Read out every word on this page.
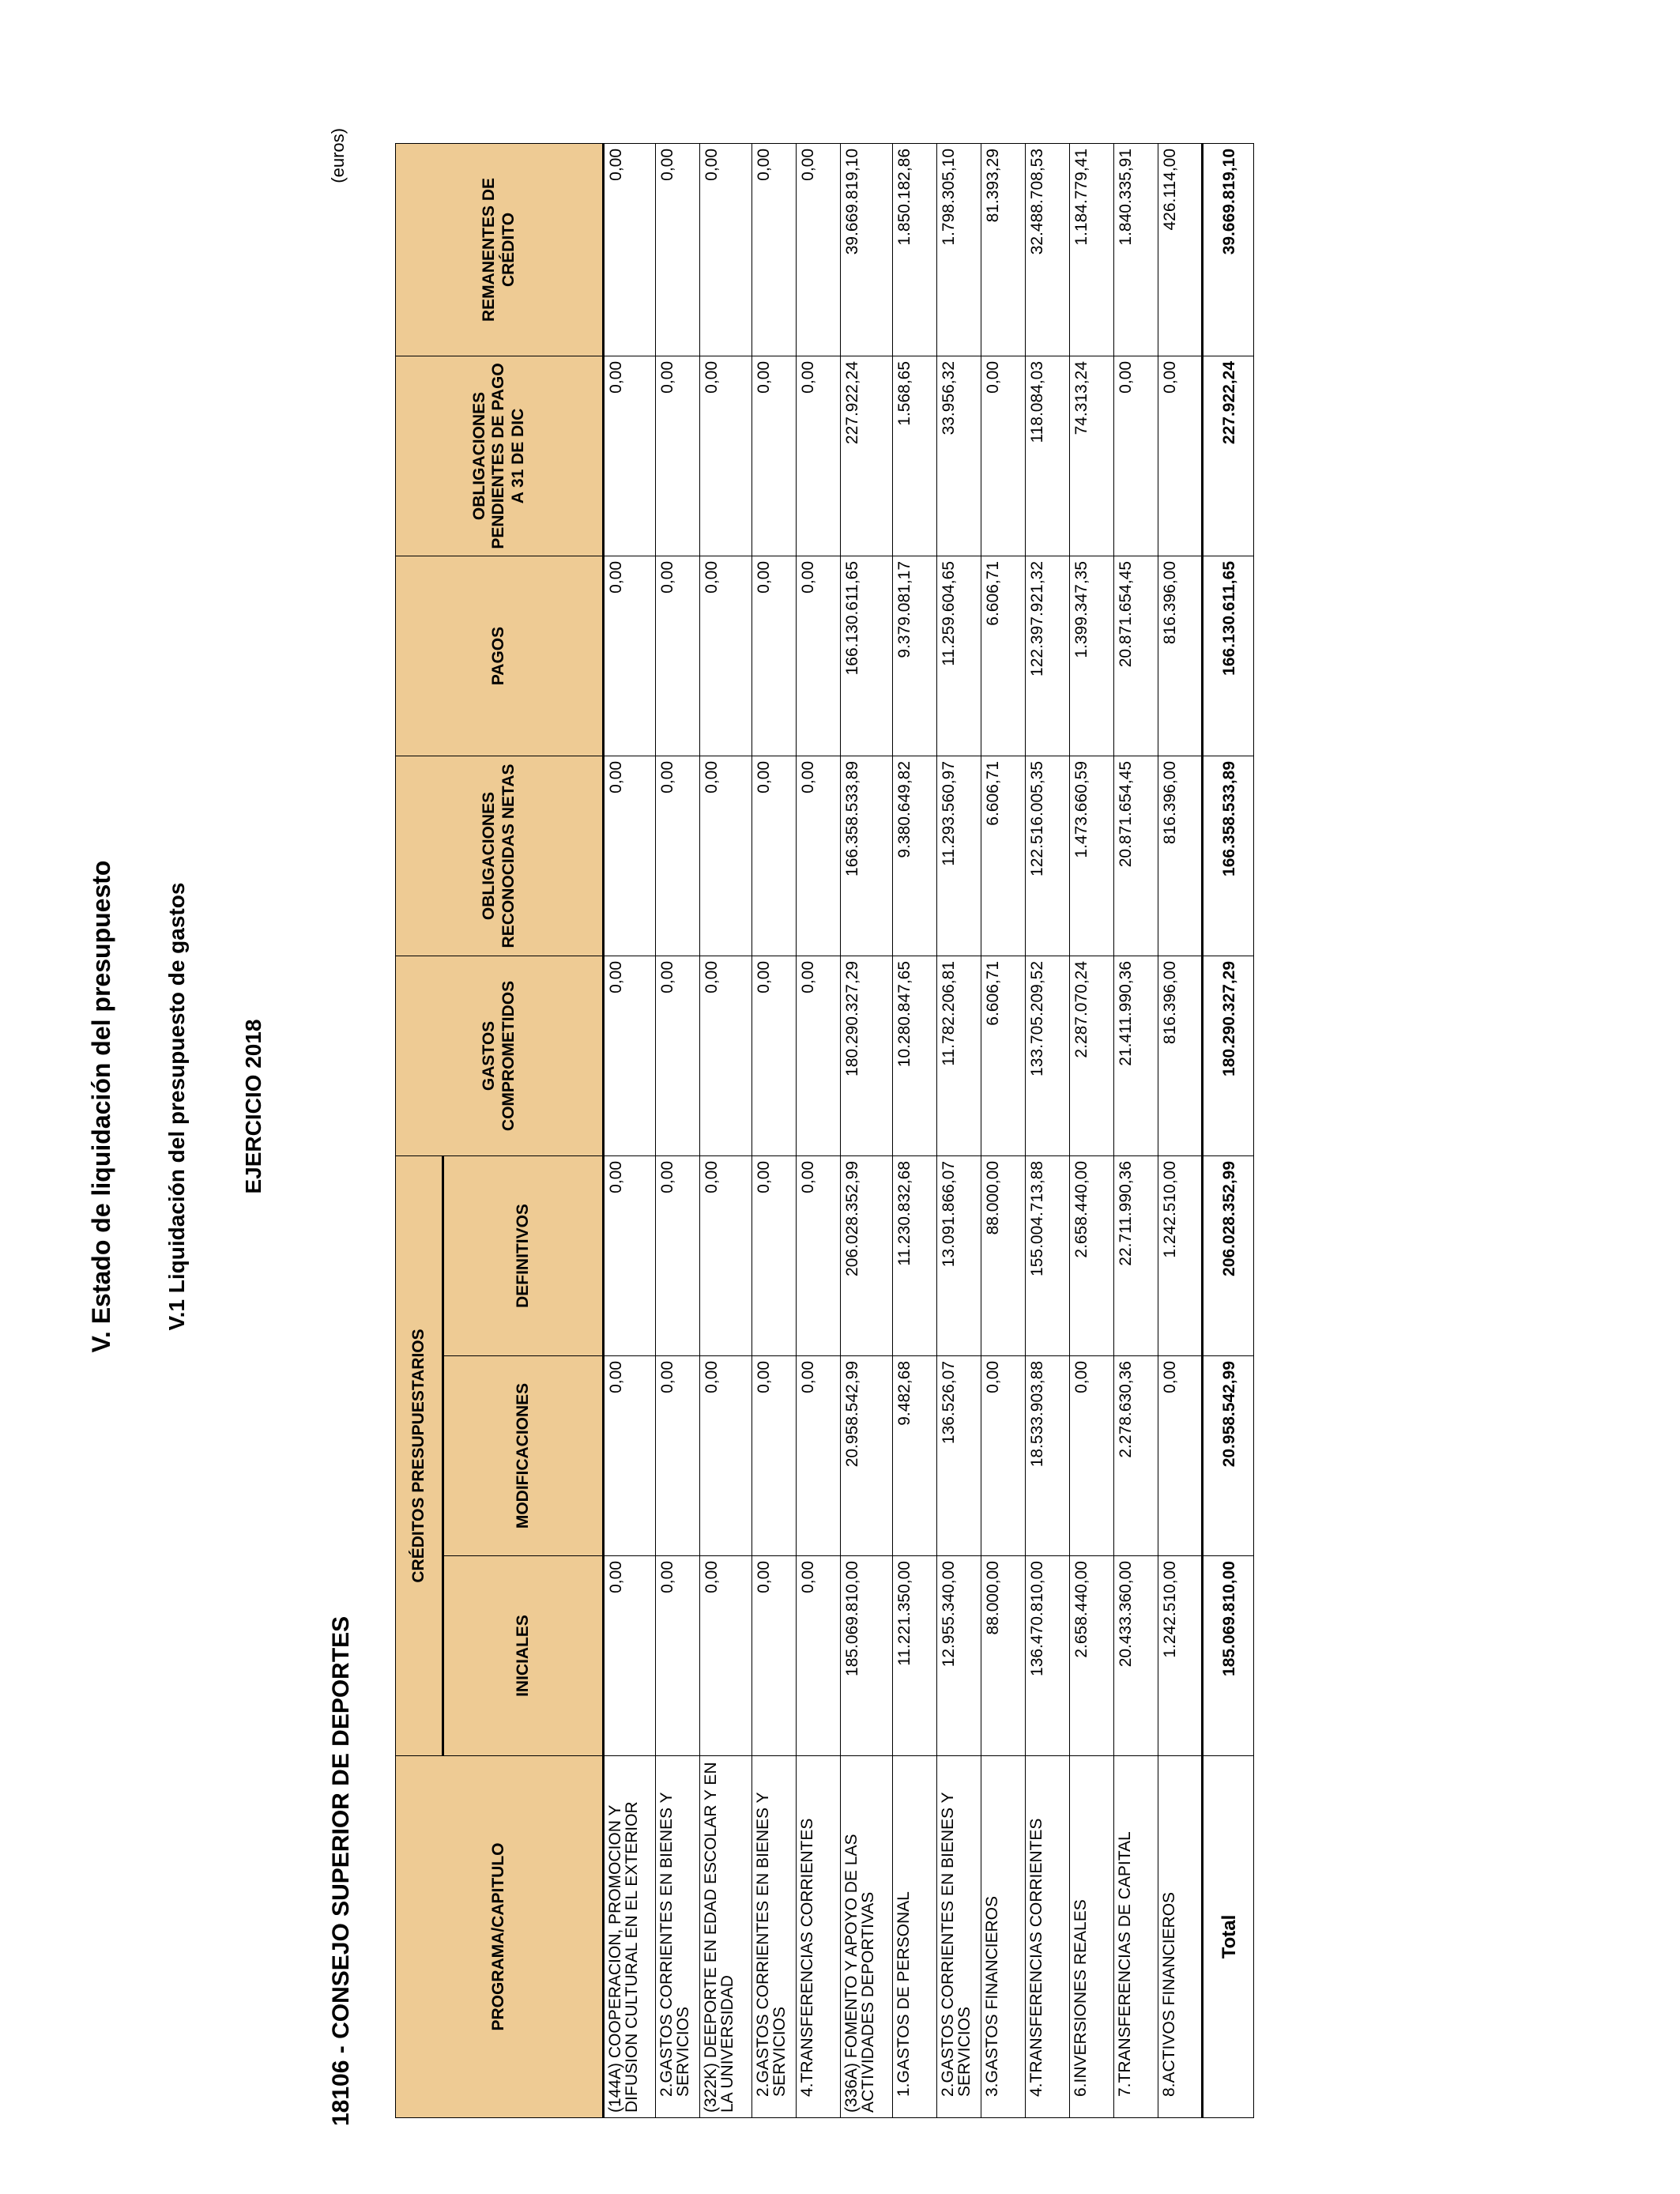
V. Estado de liquidación del presupuesto V.1 Liquidación del presupuesto de gastos EJERCICIO 2018
18106 - CONSEJO SUPERIOR DE DEPORTES
(euros)
PROGRAMA/CAPITULO	CRÉDITOS PRESUPUESTARIOS			GASTOS COMPROMETIDOS	OBLIGACIONES RECONOCIDAS NETAS	PAGOS	OBLIGACIONES PENDIENTES DE PAGO A 31 DE DIC	REMANENTES DE CRÉDITO
	INICIALES	MODIFICACIONES	DEFINITIVOS					
(144A) COOPERACION, PROMOCION Y DIFUSION CULTURAL EN EL EXTERIOR	0,00	0,00	0,00	0,00	0,00	0,00	0,00	0,00
2.GASTOS CORRIENTES EN BIENES Y SERVICIOS	0,00	0,00	0,00	0,00	0,00	0,00	0,00	0,00
(322K) DEEPORTE EN EDAD ESCOLAR Y EN LA UNIVERSIDAD	0,00	0,00	0,00	0,00	0,00	0,00	0,00	0,00
2.GASTOS CORRIENTES EN BIENES Y SERVICIOS	0,00	0,00	0,00	0,00	0,00	0,00	0,00	0,00
4.TRANSFERENCIAS CORRIENTES	0,00	0,00	0,00	0,00	0,00	0,00	0,00	0,00
(336A) FOMENTO Y APOYO DE LAS ACTIVIDADES DEPORTIVAS	185.069.810,00	20.958.542,99	206.028.352,99	180.290.327,29	166.358.533,89	166.130.611,65	227.922,24	39.669.819,10
1.GASTOS DE PERSONAL	11.221.350,00	9.482,68	11.230.832,68	10.280.847,65	9.380.649,82	9.379.081,17	1.568,65	1.850.182,86
2.GASTOS CORRIENTES EN BIENES Y SERVICIOS	12.955.340,00	136.526,07	13.091.866,07	11.782.206,81	11.293.560,97	11.259.604,65	33.956,32	1.798.305,10
3.GASTOS FINANCIEROS	88.000,00	0,00	88.000,00	6.606,71	6.606,71	6.606,71	0,00	81.393,29
4.TRANSFERENCIAS CORRIENTES	136.470.810,00	18.533.903,88	155.004.713,88	133.705.209,52	122.516.005,35	122.397.921,32	118.084,03	32.488.708,53
6.INVERSIONES REALES	2.658.440,00	0,00	2.658.440,00	2.287.070,24	1.473.660,59	1.399.347,35	74.313,24	1.184.779,41
7.TRANSFERENCIAS DE CAPITAL	20.433.360,00	2.278.630,36	22.711.990,36	21.411.990,36	20.871.654,45	20.871.654,45	0,00	1.840.335,91
8.ACTIVOS FINANCIEROS	1.242.510,00	0,00	1.242.510,00	816.396,00	816.396,00	816.396,00	0,00	426.114,00
Total	185.069.810,00	20.958.542,99	206.028.352,99	180.290.327,29	166.358.533,89	166.130.611,65	227.922,24	39.669.819,10
